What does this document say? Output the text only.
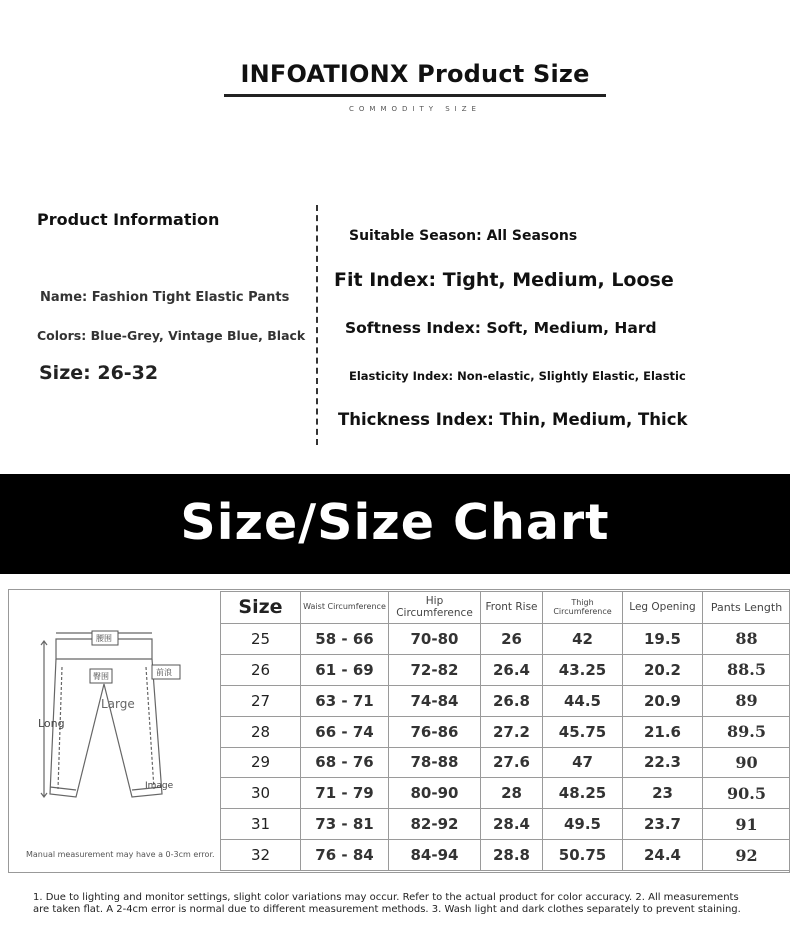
INFOATIONX Product Size
COMMODITY SIZE
Product Information
Name: Fashion Tight Elastic Pants
Colors: Blue-Grey, Vintage Blue, Black
Size: 26-32
Suitable Season: All Seasons
Fit Index: Tight, Medium, Loose
Softness Index: Soft, Medium, Hard
Elasticity Index: Non-elastic, Slightly Elastic, Elastic
Thickness Index: Thin, Medium, Thick
Size/Size Chart
腰围
臀围	前浪
Long
Large
Image
Manual measurement may have a 0-3cm error.
Size	Waist Circumference	Hip Circumference	Front Rise	Thigh Circumference	Leg Opening	Pants Length
25	58 - 66	70-80	26	42	19.5	88
26	61 - 69	72-82	26.4	43.25	20.2	88.5
27	63 - 71	74-84	26.8	44.5	20.9	89
28	66 - 74	76-86	27.2	45.75	21.6	89.5
29	68 - 76	78-88	27.6	47	22.3	90
30	71 - 79	80-90	28	48.25	23	90.5
31	73 - 81	82-92	28.4	49.5	23.7	91
32	76 - 84	84-94	28.8	50.75	24.4	92
1. Due to lighting and monitor settings, slight color variations may occur. Refer to the actual product for color accuracy. 2. All measurements are taken flat. A 2-4cm error is normal due to different measurement methods. 3. Wash light and dark clothes separately to prevent staining.
